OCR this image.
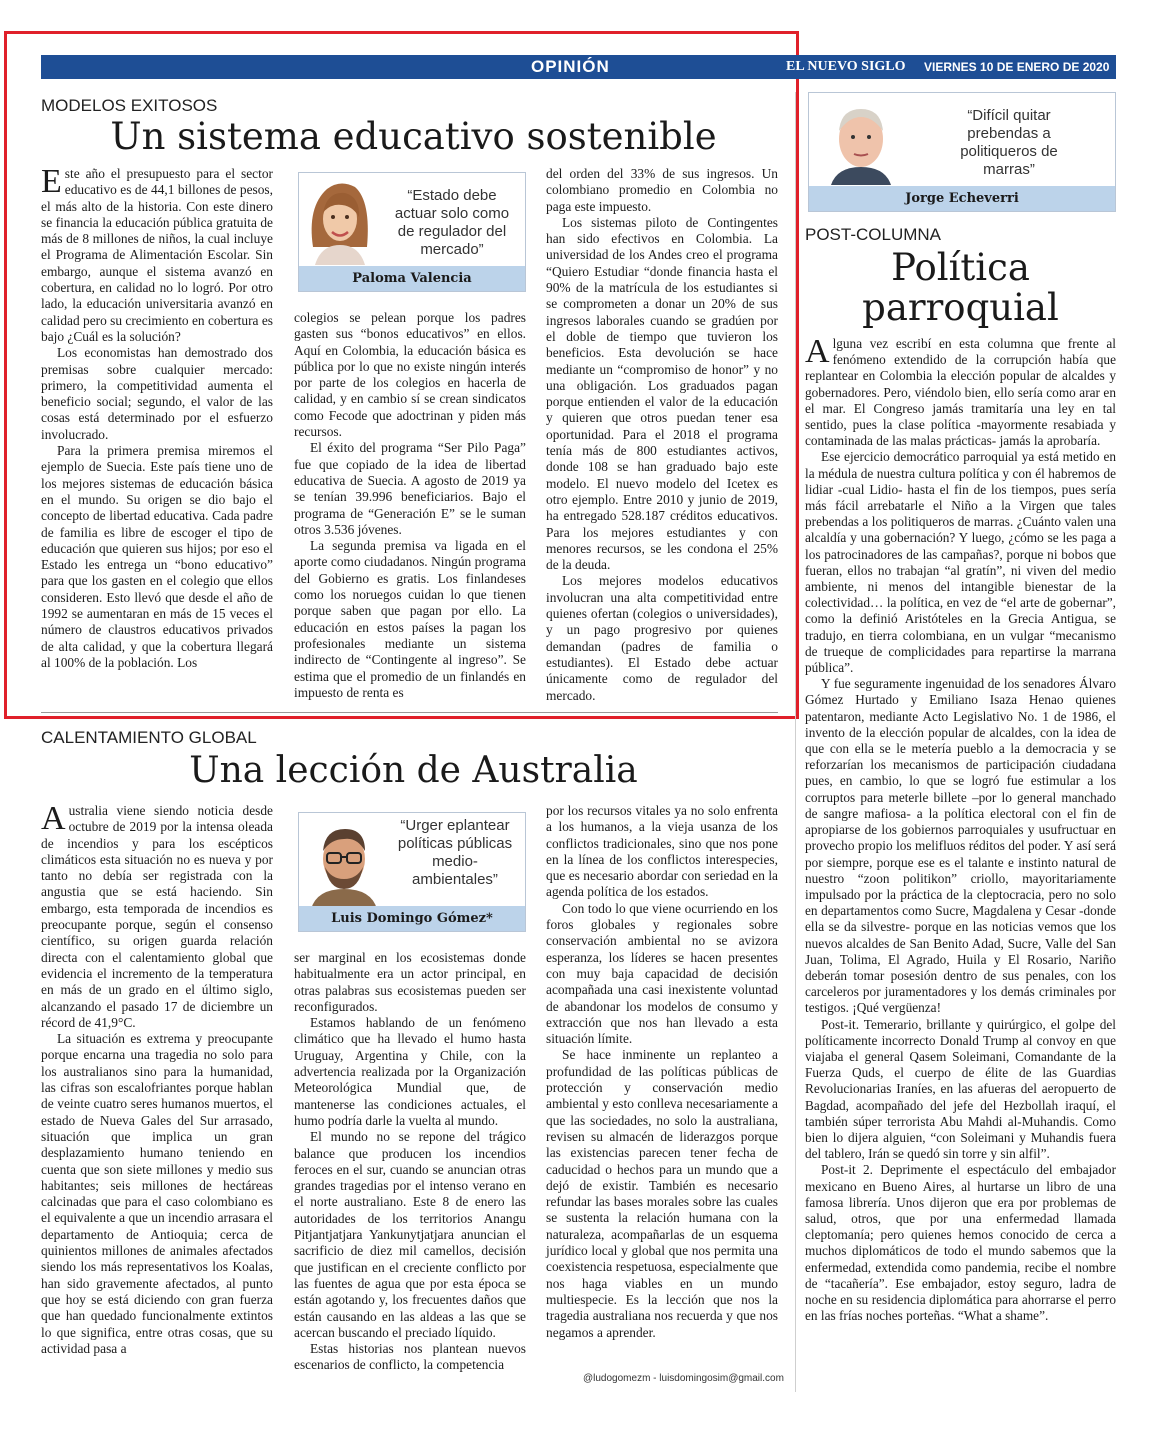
OPINIÓN	EL NUEVO SIGLO VIERNES 10 DE ENERO DE 2020 9A
MODELOS EXITOSOS
Un sistema educativo sostenible

Este año el presupuesto para el sector educativo es de 44,1 billones de pesos, el más alto de la historia. Con este dinero se financia la educación pública gratuita de más de 8 millones de niños, la cual incluye el Programa de Alimentación Escolar. Sin embargo, aunque el sistema avanzó en cobertura, en calidad no lo logró. Por otro lado, la educación universitaria avanzó en calidad pero su crecimiento en cobertura es bajo ¿Cuál es la solución?

Los economistas han demostrado dos premisas sobre cualquier mercado: primero, la competitividad aumenta el beneficio social; segundo, el valor de las cosas está determinado por el esfuerzo involucrado.

Para la primera premisa miremos el ejemplo de Suecia. Este país tiene uno de los mejores sistemas de educación básica en el mundo. Su origen se dio bajo el concepto de libertad educativa. Cada padre de familia es libre de escoger el tipo de educación que quieren sus hijos; por eso el Estado les entrega un “bono educativo” para que los gasten en el colegio que ellos consideren. Esto llevó que desde el año de 1992 se aumentaran en más de 15 veces el número de claustros educativos privados de alta calidad, y que la cobertura llegará al 100% de la población. Los

“Estado debe actuar solo como de regulador del mercado”
Paloma Valencia

colegios se pelean porque los padres gasten sus “bonos educativos” en ellos. Aquí en Colombia, la educación básica es pública por lo que no existe ningún interés por parte de los colegios en hacerla de calidad, y en cambio sí se crean sindicatos como Fecode que adoctrinan y piden más recursos.

El éxito del programa “Ser Pilo Paga” fue que copiado de la idea de libertad educativa de Suecia. A agosto de 2019 ya se tenían 39.996 beneficiarios. Bajo el programa de “Generación E” se le suman otros 3.536 jóvenes.

La segunda premisa va ligada en el aporte como ciudadanos. Ningún programa del Gobierno es gratis. Los finlandeses como los noruegos cuidan lo que tienen porque saben que pagan por ello. La educación en estos países la pagan los profesionales mediante un sistema indirecto de “Contingente al ingreso”. Se estima que el promedio de un finlandés en impuesto de renta es

del orden del 33% de sus ingresos. Un colombiano promedio en Colombia no paga este impuesto.

Los sistemas piloto de Contingentes han sido efectivos en Colombia. La universidad de los Andes creo el programa “Quiero Estudiar “donde financia hasta el 90% de la matrícula de los estudiantes si se comprometen a donar un 20% de sus ingresos laborales cuando se gradúen por el doble de tiempo que tuvieron los beneficios. Esta devolución se hace mediante un “compromiso de honor” y no una obligación. Los graduados pagan porque entienden el valor de la educación y quieren que otros puedan tener esa oportunidad. Para el 2018 el programa tenía más de 800 estudiantes activos, donde 108 se han graduado bajo este modelo. El nuevo modelo del Icetex es otro ejemplo. Entre 2010 y junio de 2019, ha entregado 528.187 créditos educativos. Para los mejores estudiantes y con menores recursos, se les condona el 25% de la deuda.

Los mejores modelos educativos involucran una alta competitividad entre quienes ofertan (colegios o universidades), y un pago progresivo por quienes demandan (padres de familia o estudiantes). El Estado debe actuar únicamente como de regulador del mercado.

CALENTAMIENTO GLOBAL
Una lección de Australia

Australia viene siendo noticia desde octubre de 2019 por la intensa oleada de incendios y para los escépticos climáticos esta situación no es nueva y por tanto no debía ser registrada con la angustia que se está haciendo. Sin embargo, esta temporada de incendios es preocupante porque, según el consenso científico, su origen guarda relación directa con el calentamiento global que evidencia el incremento de la temperatura en más de un grado en el último siglo, alcanzando el pasado 17 de diciembre un récord de 41,9°C.

La situación es extrema y preocupante porque encarna una tragedia no solo para los australianos sino para la humanidad, las cifras son escalofriantes porque hablan de veinte cuatro seres humanos muertos, el estado de Nueva Gales del Sur arrasado, situación que implica un gran desplazamiento humano teniendo en cuenta que son siete millones y medio sus habitantes; seis millones de hectáreas calcinadas que para el caso colombiano es el equivalente a que un incendio arrasara el departamento de Antioquia; cerca de quinientos millones de animales afectados siendo los más representativos los Koalas, han sido gravemente afectados, al punto que hoy se está diciendo con gran fuerza que han quedado funcionalmente extintos lo que significa, entre otras cosas, que su actividad pasa a

“Urger eplantear políticas públicas medio-ambientales”
Luis Domingo Gómez*

ser marginal en los ecosistemas donde habitualmente era un actor principal, en otras palabras sus ecosistemas pueden ser reconfigurados.

Estamos hablando de un fenómeno climático que ha llevado el humo hasta Uruguay, Argentina y Chile, con la advertencia realizada por la Organización Meteorológica Mundial que, de mantenerse las condiciones actuales, el humo podría darle la vuelta al mundo.

El mundo no se repone del trágico balance que producen los incendios feroces en el sur, cuando se anuncian otras grandes tragedias por el intenso verano en el norte australiano. Este 8 de enero las autoridades de los territorios Anangu Pitjantjatjara Yankunytjatjara anuncian el sacrificio de diez mil camellos, decisión que justifican en el creciente conflicto por las fuentes de agua que por esta época se están agotando y, los frecuentes daños que están causando en las aldeas a las que se acercan buscando el preciado líquido.

Estas historias nos plantean nuevos escenarios de conflicto, la competencia

por los recursos vitales ya no solo enfrenta a los humanos, a la vieja usanza de los conflictos tradicionales, sino que nos pone en la línea de los conflictos interespecies, que es necesario abordar con seriedad en la agenda política de los estados.

Con todo lo que viene ocurriendo en los foros globales y regionales sobre conservación ambiental no se avizora esperanza, los líderes se hacen presentes con muy baja capacidad de decisión acompañada una casi inexistente voluntad de abandonar los modelos de consumo y extracción que nos han llevado a esta situación límite.

Se hace inminente un replanteo a profundidad de las políticas públicas de protección y conservación medio ambiental y esto conlleva necesariamente a que las sociedades, no solo la australiana, revisen su almacén de liderazgos porque las existencias parecen tener fecha de caducidad o hechos para un mundo que a dejó de existir. También es necesario refundar las bases morales sobre las cuales se sustenta la relación humana con la naturaleza, acompañarlas de un esquema jurídico local y global que nos permita una coexistencia respetuosa, especialmente que nos haga viables en un mundo multiespecie. Es la lección que nos la tragedia australiana nos recuerda y que nos negamos a aprender.

@ludogomezm - luisdomingosim@gmail.com
“Difícil quitar prebendas a politiqueros de marras”
Jorge Echeverri
POST-COLUMNA
Política
parroquial

Alguna vez escribí en esta columna que frente al fenómeno extendido de la corrupción había que replantear en Colombia la elección popular de alcaldes y gobernadores. Pero, viéndolo bien, ello sería como arar en el mar. El Congreso jamás tramitaría una ley en tal sentido, pues la clase política -mayormente resabiada y contaminada de las malas prácticas- jamás la aprobaría.

Ese ejercicio democrático parroquial ya está metido en la médula de nuestra cultura política y con él habremos de lidiar -cual Lidio- hasta el fin de los tiempos, pues sería más fácil arrebatarle el Niño a la Virgen que tales prebendas a los politiqueros de marras. ¿Cuánto valen una alcaldía y una gobernación? Y luego, ¿cómo se les paga a los patrocinadores de las campañas?, porque ni bobos que fueran, ellos no trabajan “al gratín”, ni viven del medio ambiente, ni menos del intangible bienestar de la colectividad… la política, en vez de “el arte de gobernar”, como la definió Aristóteles en la Grecia Antigua, se tradujo, en tierra colombiana, en un vulgar “mecanismo de trueque de complicidades para repartirse la marrana pública”.

Y fue seguramente ingenuidad de los senadores Álvaro Gómez Hurtado y Emiliano Isaza Henao quienes patentaron, mediante Acto Legislativo No. 1 de 1986, el invento de la elección popular de alcaldes, con la idea de que con ella se le metería pueblo a la democracia y se reforzarían los mecanismos de participación ciudadana pues, en cambio, lo que se logró fue estimular a los corruptos para meterle billete –por lo general manchado de sangre mafiosa- a la política electoral con el fin de apropiarse de los gobiernos parroquiales y usufructuar en provecho propio los melifluos réditos del poder. Y así será por siempre, porque ese es el talante e instinto natural de nuestro “zoon politikon” criollo, mayoritariamente impulsado por la práctica de la cleptocracia, pero no solo en departamentos como Sucre, Magdalena y Cesar -donde ella se da silvestre- porque en las noticias vemos que los nuevos alcaldes de San Benito Adad, Sucre, Valle del San Juan, Tolima, El Agrado, Huila y El Rosario, Nariño deberán tomar posesión dentro de sus penales, con los carceleros por juramentadores y los demás criminales por testigos. ¡Qué vergüenza!

Post-it. Temerario, brillante y quirúrgico, el golpe del políticamente incorrecto Donald Trump al convoy en que viajaba el general Qasem Soleimani, Comandante de la Fuerza Quds, el cuerpo de élite de las Guardias Revolucionarias Iraníes, en las afueras del aeropuerto de Bagdad, acompañado del jefe del Hezbollah iraquí, el también súper terrorista Abu Mahdi al-Muhandis. Como bien lo dijera alguien, “con Soleimani y Muhandis fuera del tablero, Irán se quedó sin torre y sin alfil”.

Post-it 2. Deprimente el espectáculo del embajador mexicano en Bueno Aires, al hurtarse un libro de una famosa librería. Unos dijeron que era por problemas de salud, otros, que por una enfermedad llamada cleptomanía; pero quienes hemos conocido de cerca a muchos diplomáticos de todo el mundo sabemos que la enfermedad, extendida como pandemia, recibe el nombre de “tacañería”. Ese embajador, estoy seguro, ladra de noche en su residencia diplomática para ahorrarse el perro en las frías noches porteñas. “What a shame”.
